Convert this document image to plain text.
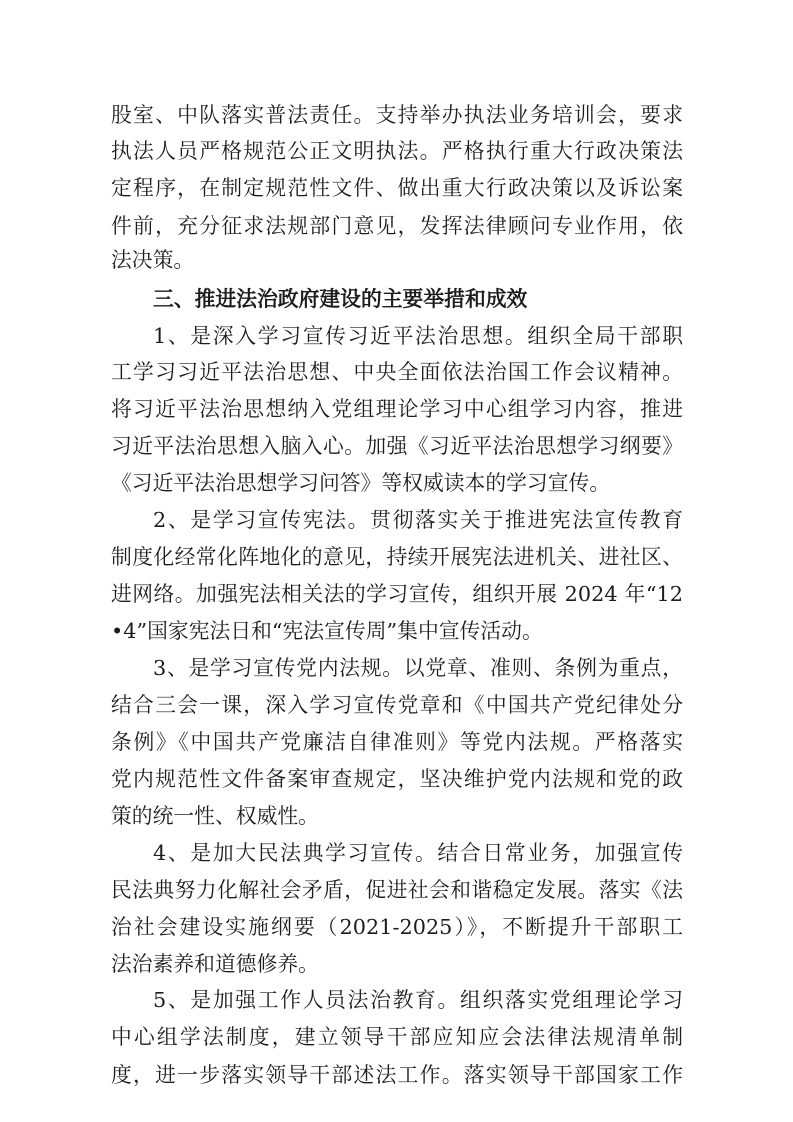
股室、中队落实普法责任。支持举办执法业务培训会，要求
执法人员严格规范公正文明执法。严格执行重大行政决策法
定程序，在制定规范性文件、做出重大行政决策以及诉讼案
件前，充分征求法规部门意见，发挥法律顾问专业作用，依
法决策。
三、推进法治政府建设的主要举措和成效
1、是深入学习宣传习近平法治思想。组织全局干部职
工学习习近平法治思想、中央全面依法治国工作会议精神。
将习近平法治思想纳入党组理论学习中心组学习内容，推进
习近平法治思想入脑入心。加强《习近平法治思想学习纲要》
《习近平法治思想学习问答》等权威读本的学习宣传。
2、是学习宣传宪法。贯彻落实关于推进宪法宣传教育
制度化经常化阵地化的意见，持续开展宪法进机关、进社区、
进网络。加强宪法相关法的学习宣传，组织开展 2024 年“12
•4”国家宪法日和“宪法宣传周”集中宣传活动。
3、是学习宣传党内法规。以党章、准则、条例为重点，
结合三会一课，深入学习宣传党章和《中国共产党纪律处分
条例》《中国共产党廉洁自律准则》等党内法规。严格落实
党内规范性文件备案审查规定，坚决维护党内法规和党的政
策的统一性、权威性。
4、是加大民法典学习宣传。结合日常业务，加强宣传
民法典努力化解社会矛盾，促进社会和谐稳定发展。落实《法
治社会建设实施纲要（2021-2025）》，不断提升干部职工
法治素养和道德修养。
5、是加强工作人员法治教育。组织落实党组理论学习
中心组学法制度，建立领导干部应知应会法律法规清单制
度，进一步落实领导干部述法工作。落实领导干部国家工作
